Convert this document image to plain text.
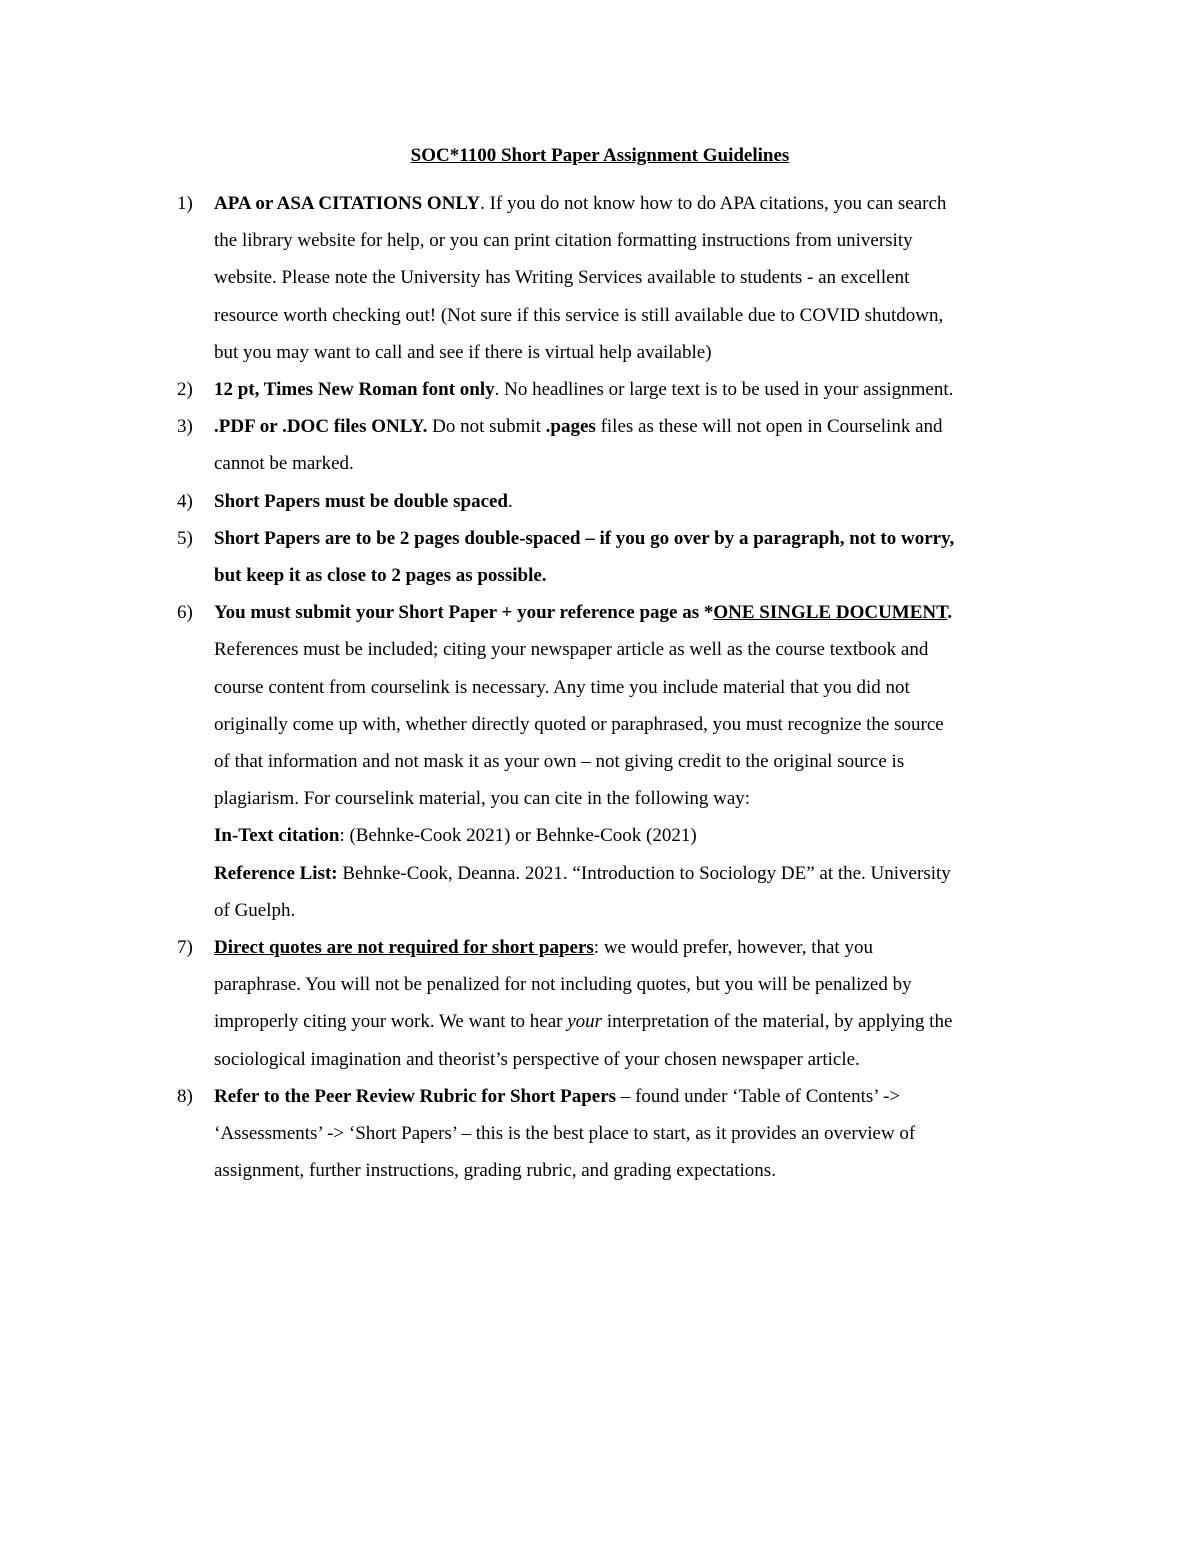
SOC*1100 Short Paper Assignment Guidelines
1) APA or ASA CITATIONS ONLY. If you do not know how to do APA citations, you can search
the library website for help, or you can print citation formatting instructions from university
website. Please note the University has Writing Services available to students - an excellent
resource worth checking out! (Not sure if this service is still available due to COVID shutdown,
but you may want to call and see if there is virtual help available)
2) 12 pt, Times New Roman font only. No headlines or large text is to be used in your assignment.
3) .PDF or .DOC files ONLY. Do not submit .pages files as these will not open in Courselink and
cannot be marked.
4) Short Papers must be double spaced.
5) Short Papers are to be 2 pages double-spaced – if you go over by a paragraph, not to worry,
but keep it as close to 2 pages as possible.
6) You must submit your Short Paper + your reference page as *ONE SINGLE DOCUMENT.
References must be included; citing your newspaper article as well as the course textbook and
course content from courselink is necessary. Any time you include material that you did not
originally come up with, whether directly quoted or paraphrased, you must recognize the source
of that information and not mask it as your own – not giving credit to the original source is
plagiarism. For courselink material, you can cite in the following way:
In-Text citation: (Behnke-Cook 2021) or Behnke-Cook (2021)
Reference List: Behnke-Cook, Deanna. 2021. “Introduction to Sociology DE” at the. University
of Guelph.
7) Direct quotes are not required for short papers: we would prefer, however, that you
paraphrase. You will not be penalized for not including quotes, but you will be penalized by
improperly citing your work. We want to hear your interpretation of the material, by applying the
sociological imagination and theorist’s perspective of your chosen newspaper article.
8) Refer to the Peer Review Rubric for Short Papers – found under ‘Table of Contents’ ->
‘Assessments’ -> ‘Short Papers’ – this is the best place to start, as it provides an overview of
assignment, further instructions, grading rubric, and grading expectations.
